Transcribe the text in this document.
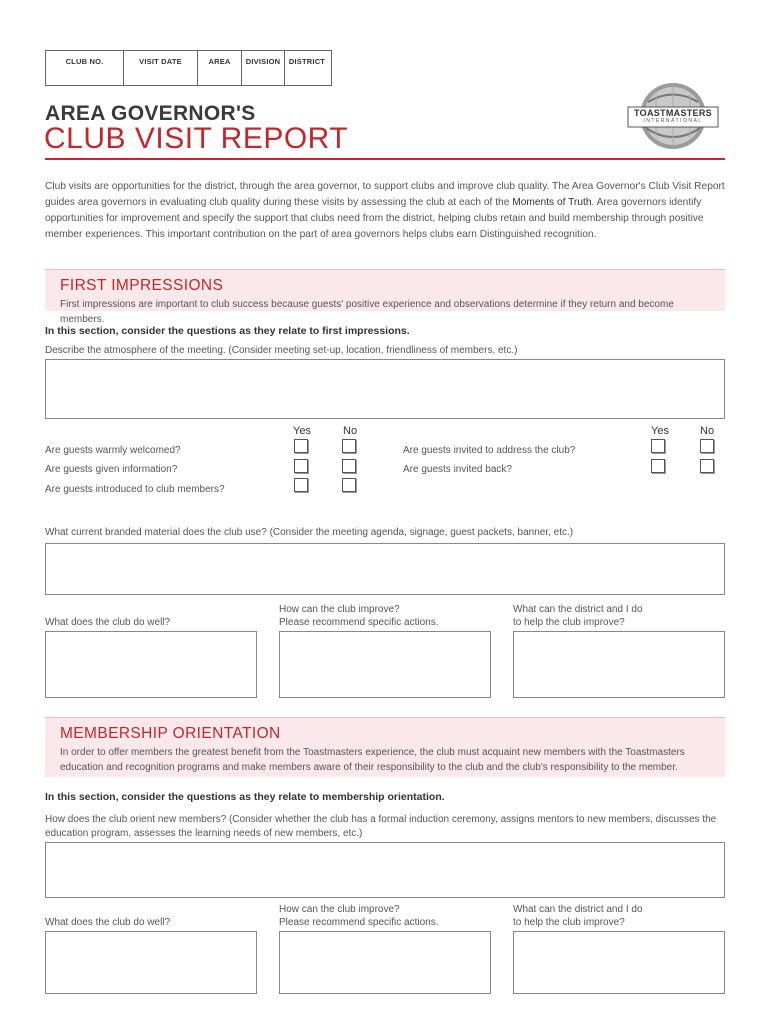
CLUB NO.	VISIT DATE	AREA	DIVISION	DISTRICT
AREA GOVERNOR'S
CLUB VISIT REPORT
TOASTMASTERS
INTERNATIONAL
Club visits are opportunities for the district, through the area governor, to support clubs and improve club quality. The Area Governor's Club Visit Report guides area governors in evaluating club quality during these visits by assessing the club at each of the Moments of Truth. Area governors identify opportunities for improvement and specify the support that clubs need from the district, helping clubs retain and build membership through positive member experiences. This important contribution on the part of area governors helps clubs earn Distinguished recognition.
FIRST IMPRESSIONS
First impressions are important to club success because guests' positive experience and observations determine if they return and become members.
In this section, consider the questions as they relate to first impressions.
Describe the atmosphere of the meeting. (Consider meeting set-up, location, friendliness of members, etc.)
Yes	No	Yes	No
Are guests warmly welcomed?
Are guests given information?
Are guests introduced to club members?
Are guests invited to address the club?
Are guests invited back?
What current branded material does the club use? (Consider the meeting agenda, signage, guest packets, banner, etc.)
What does the club do well?
How can the club improve?
Please recommend specific actions.
What can the district and I do
to help the club improve?
MEMBERSHIP ORIENTATION
In order to offer members the greatest benefit from the Toastmasters experience, the club must acquaint new members with the Toastmasters education and recognition programs and make members aware of their responsibility to the club and the club's responsibility to the member.
In this section, consider the questions as they relate to membership orientation.
How does the club orient new members? (Consider whether the club has a formal induction ceremony, assigns mentors to new members, discusses the education program, assesses the learning needs of new members, etc.)
What does the club do well?
How can the club improve?
Please recommend specific actions.
What can the district and I do
to help the club improve?
